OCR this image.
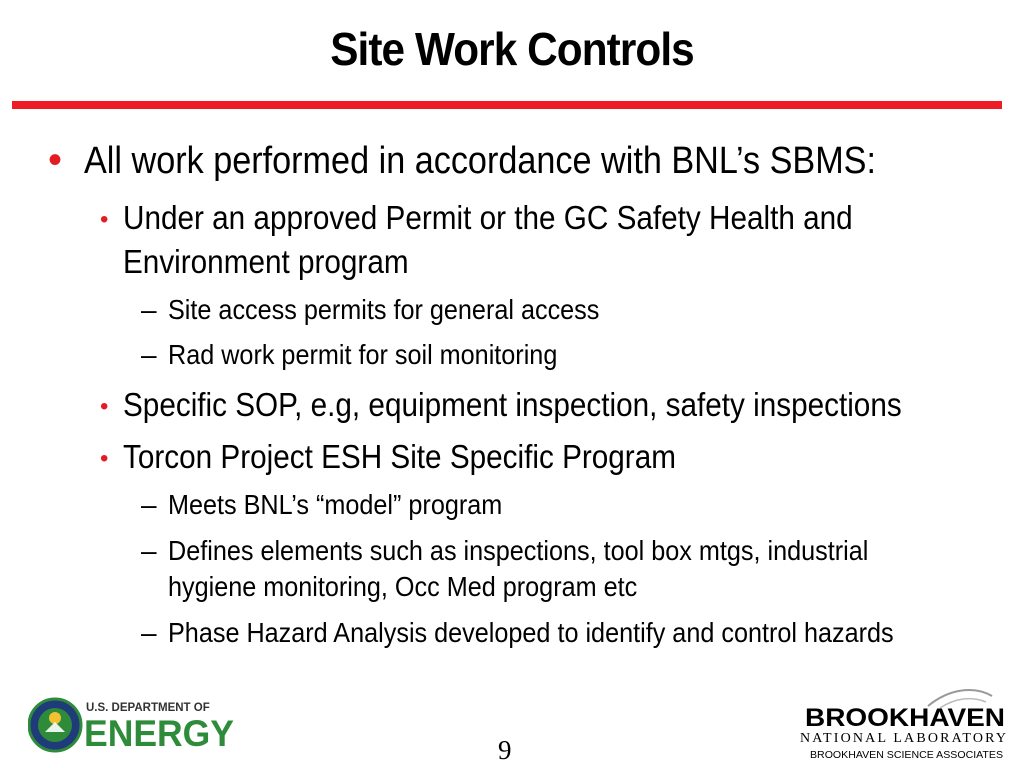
Site Work Controls
• All work performed in accordance with BNL’s SBMS:
• Under an approved Permit or the GC Safety Health and
Environment program
– Site access permits for general access
– Rad work permit for soil monitoring
• Specific SOP, e.g, equipment inspection, safety inspections
• Torcon Project ESH Site Specific Program
– Meets BNL’s “model” program
– Defines elements such as inspections, tool box mtgs, industrial
hygiene monitoring, Occ Med program etc
– Phase Hazard Analysis developed to identify and control hazards
U.S. DEPARTMENT OF
ENERGY	9
BROOKHAVEN
NATIONAL LABORATORY
BROOKHAVEN SCIENCE ASSOCIATES
